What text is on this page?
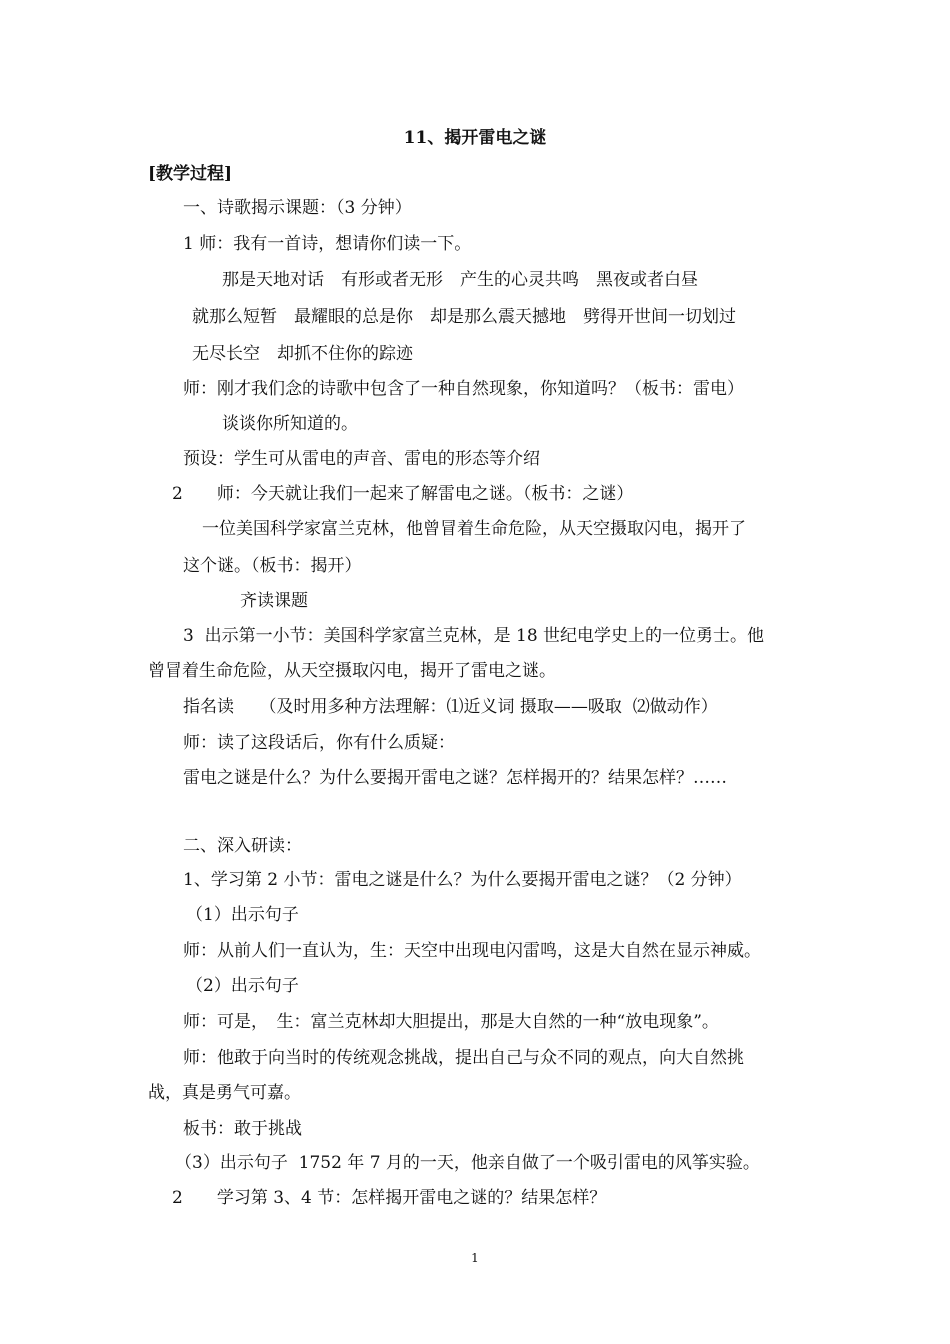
11、揭开雷电之谜
[教学过程]
一、诗歌揭示课题：（3 分钟）
1 师：我有一首诗，想请你们读一下。
那是天地对话　有形或者无形　产生的心灵共鸣　黑夜或者白昼
就那么短暂　最耀眼的总是你　却是那么震天撼地　劈得开世间一切划过
无尽长空　却抓不住你的踪迹
师：刚才我们念的诗歌中包含了一种自然现象，你知道吗？（板书：雷电）
谈谈你所知道的。
预设：学生可从雷电的声音、雷电的形态等介绍
2　　师：今天就让我们一起来了解雷电之谜。（板书：之谜）
一位美国科学家富兰克林，他曾冒着生命危险，从天空摄取闪电，揭开了
这个谜。（板书：揭开）
齐读课题
3  出示第一小节：美国科学家富兰克林，是 18 世纪电学史上的一位勇士。他
曾冒着生命危险，从天空摄取闪电，揭开了雷电之谜。
指名读　　（及时用多种方法理解：⑴近义词 摄取——吸取  ⑵做动作）
师：读了这段话后，你有什么质疑：
雷电之谜是什么？为什么要揭开雷电之谜？怎样揭开的？结果怎样？……
二、深入研读：
1、学习第 2 小节：雷电之谜是什么？为什么要揭开雷电之谜？（2 分钟）
（1）出示句子
师：从前人们一直认为，生：天空中出现电闪雷鸣，这是大自然在显示神威。
（2）出示句子
师：可是，　生：富兰克林却大胆提出，那是大自然的一种“放电现象”。
师：他敢于向当时的传统观念挑战，提出自己与众不同的观点，向大自然挑
战，真是勇气可嘉。
板书：敢于挑战
（3）出示句子  1752 年 7 月的一天，他亲自做了一个吸引雷电的风筝实验。
2　　学习第 3、4 节：怎样揭开雷电之谜的？结果怎样？
1
